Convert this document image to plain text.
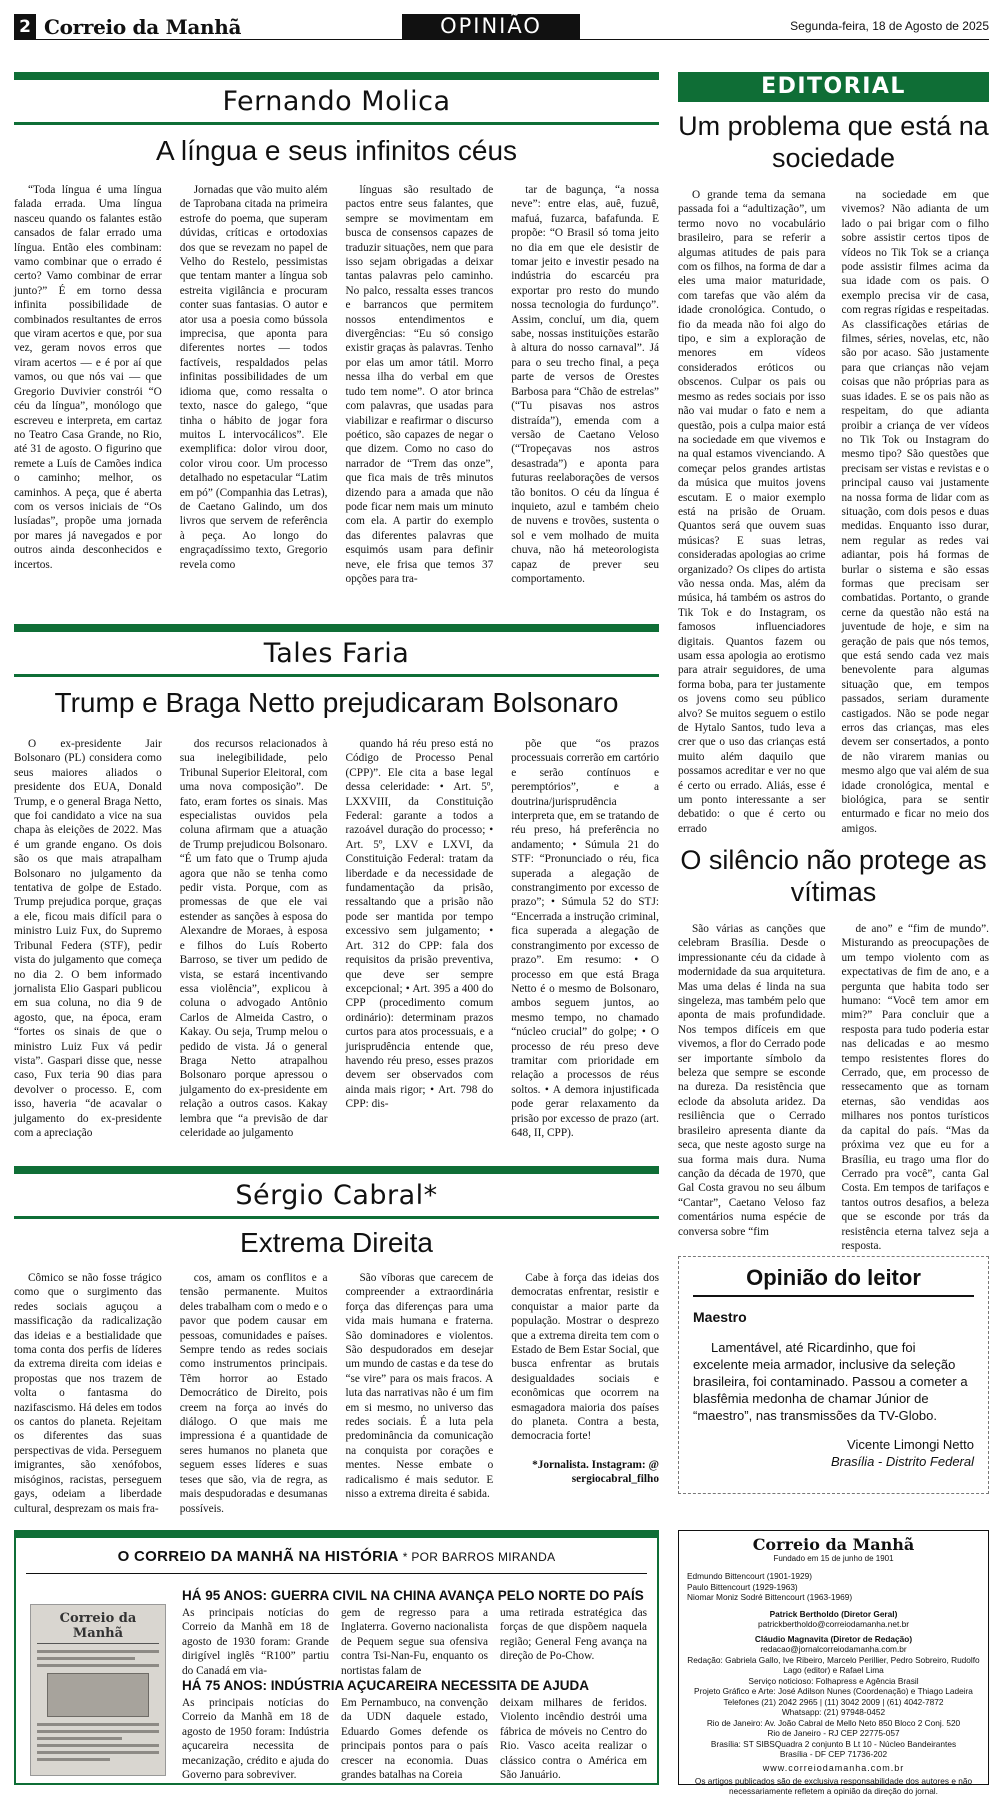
2 Correio da Manhã	OPINIÃO	Segunda-feira, 18 de Agosto de 2025
Fernando Molica
A língua e seus infinitos céus

“Toda língua é uma língua falada errada. Uma língua nasceu quando os falantes estão cansados de falar errado uma língua. Então eles combinam: vamo combinar que o errado é certo? Vamo combinar de errar junto?” É em torno dessa infinita possibilidade de combinados resultantes de erros que viram acertos e que, por sua vez, geram novos erros que viram acertos — e é por aí que vamos, ou que nós vai — que Gregorio Duvivier constrói “O céu da língua”, monólogo que escreveu e interpreta, em cartaz no Teatro Casa Grande, no Rio, até 31 de agosto. O figurino que remete a Luís de Camões indica o caminho; melhor, os caminhos. A peça, que é aberta com os versos iniciais de “Os lusíadas”, propõe uma jornada por mares já navegados e por outros ainda desconhecidos e incertos.

Jornadas que vão muito além de Taprobana citada na primeira estrofe do poema, que superam dúvidas, críticas e ortodoxias dos que se revezam no papel de Velho do Restelo, pessimistas que tentam manter a língua sob estreita vigilância e procuram conter suas fantasias. O autor e ator usa a poesia como bússola imprecisa, que aponta para diferentes nortes — todos factíveis, respaldados pelas infinitas possibilidades de um idioma que, como ressalta o texto, nasce do galego, “que tinha o hábito de jogar fora muitos L intervocálicos”. Ele exemplifica: dolor virou door, color virou coor. Um processo detalhado no espetacular “Latim em pó” (Companhia das Letras), de Caetano Galindo, um dos livros que servem de referência à peça. Ao longo do engraçadíssimo texto, Gregorio revela como

línguas são resultado de pactos entre seus falantes, que sempre se movimentam em busca de consensos capazes de traduzir situações, nem que para isso sejam obrigadas a deixar tantas palavras pelo caminho. No palco, ressalta esses trancos e barrancos que permitem nossos entendimentos e divergências: “Eu só consigo existir graças às palavras. Tenho por elas um amor tátil. Morro nessa ilha do verbal em que tudo tem nome”. O ator brinca com palavras, que usadas para viabilizar e reafirmar o discurso poético, são capazes de negar o que dizem. Como no caso do narrador de “Trem das onze”, que fica mais de três minutos dizendo para a amada que não pode ficar nem mais um minuto com ela. A partir do exemplo das diferentes palavras que esquimós usam para definir neve, ele frisa que temos 37 opções para tra-

tar de bagunça, “a nossa neve”: entre elas, auê, fuzuê, mafuá, fuzarca, bafafunda. E propõe: “O Brasil só toma jeito no dia em que ele desistir de tomar jeito e investir pesado na indústria do escarcéu pra exportar pro resto do mundo nossa tecnologia do furdunço”. Assim, concluí, um dia, quem sabe, nossas instituições estarão à altura do nosso carnaval”. Já para o seu trecho final, a peça parte de versos de Orestes Barbosa para “Chão de estrelas” (“Tu pisavas nos astros distraída”), emenda com a versão de Caetano Veloso (“Tropeçavas nos astros desastrada”) e aponta para futuras reelaborações de versos tão bonitos. O céu da língua é inquieto, azul e também cheio de nuvens e trovões, sustenta o sol e vem molhado de muita chuva, não há meteorologista capaz de prever seu comportamento.

Tales Faria
Trump e Braga Netto prejudicaram Bolsonaro

O ex-presidente Jair Bolsonaro (PL) considera como seus maiores aliados o presidente dos EUA, Donald Trump, e o general Braga Netto, que foi candidato a vice na sua chapa às eleições de 2022. Mas é um grande engano. Os dois são os que mais atrapalham Bolsonaro no julgamento da tentativa de golpe de Estado. Trump prejudica porque, graças a ele, ficou mais difícil para o ministro Luiz Fux, do Supremo Tribunal Federa (STF), pedir vista do julgamento que começa no dia 2. O bem informado jornalista Elio Gaspari publicou em sua coluna, no dia 9 de agosto, que, na época, eram “fortes os sinais de que o ministro Luiz Fux vá pedir vista”. Gaspari disse que, nesse caso, Fux teria 90 dias para devolver o processo. E, com isso, haveria “de acavalar o julgamento do ex-presidente com a apreciação

dos recursos relacionados à sua inelegibilidade, pelo Tribunal Superior Eleitoral, com uma nova composição”. De fato, eram fortes os sinais. Mas especialistas ouvidos pela coluna afirmam que a atuação de Trump prejudicou Bolsonaro. “É um fato que o Trump ajuda agora que não se tenha como pedir vista. Porque, com as promessas de que ele vai estender as sanções à esposa do Alexandre de Moraes, à esposa e filhos do Luís Roberto Barroso, se tiver um pedido de vista, se estará incentivando essa violência”, explicou à coluna o advogado Antônio Carlos de Almeida Castro, o Kakay. Ou seja, Trump melou o pedido de vista. Já o general Braga Netto atrapalhou Bolsonaro porque apressou o julgamento do ex-presidente em relação a outros casos. Kakay lembra que “a previsão de dar celeridade ao julgamento

quando há réu preso está no Código de Processo Penal (CPP)”. Ele cita a base legal dessa celeridade: • Art. 5º, LXXVIII, da Constituição Federal: garante a todos a razoável duração do processo; • Art. 5º, LXV e LXVI, da Constituição Federal: tratam da liberdade e da necessidade de fundamentação da prisão, ressaltando que a prisão não pode ser mantida por tempo excessivo sem julgamento; • Art. 312 do CPP: fala dos requisitos da prisão preventiva, que deve ser sempre excepcional; • Art. 395 a 400 do CPP (procedimento comum ordinário): determinam prazos curtos para atos processuais, e a jurisprudência entende que, havendo réu preso, esses prazos devem ser observados com ainda mais rigor; • Art. 798 do CPP: dis-

põe que “os prazos processuais correrão em cartório e serão contínuos e peremptórios”, e a doutrina/jurisprudência interpreta que, em se tratando de réu preso, há preferência no andamento; • Súmula 21 do STF: “Pronunciado o réu, fica superada a alegação de constrangimento por excesso de prazo”; • Súmula 52 do STJ: “Encerrada a instrução criminal, fica superada a alegação de constrangimento por excesso de prazo”. Em resumo: • O processo em que está Braga Netto é o mesmo de Bolsonaro, ambos seguem juntos, ao mesmo tempo, no chamado “núcleo crucial” do golpe; • O processo de réu preso deve tramitar com prioridade em relação a processos de réus soltos. • A demora injustificada pode gerar relaxamento da prisão por excesso de prazo (art. 648, II, CPP).

Sérgio Cabral*
Extrema Direita

Cômico se não fosse trágico como que o surgimento das redes sociais aguçou a massificação da radicalização das ideias e a bestialidade que toma conta dos perfis de líderes da extrema direita com ideias e propostas que nos trazem de volta o fantasma do nazifascismo. Há deles em todos os cantos do planeta. Rejeitam os diferentes das suas perspectivas de vida. Perseguem imigrantes, são xenófobos, misóginos, racistas, perseguem gays, odeiam a liberdade cultural, desprezam os mais fra-

cos, amam os conflitos e a tensão permanente. Muitos deles trabalham com o medo e o pavor que podem causar em pessoas, comunidades e países. Sempre tendo as redes sociais como instrumentos principais. Têm horror ao Estado Democrático de Direito, pois creem na força ao invés do diálogo. O que mais me impressiona é a quantidade de seres humanos no planeta que seguem esses líderes e suas teses que são, via de regra, as mais despudoradas e desumanas possíveis.

São víboras que carecem de compreender a extraordinária força das diferenças para uma vida mais humana e fraterna. São dominadores e violentos. São despudorados em desejar um mundo de castas e da tese do “se vire” para os mais fracos. A luta das narrativas não é um fim em si mesmo, no universo das redes sociais. É a luta pela predominância da comunicação na conquista por corações e mentes. Nesse embate o radicalismo é mais sedutor. E nisso a extrema direita é sabida.

Cabe à força das ideias dos democratas enfrentar, resistir e conquistar a maior parte da população. Mostrar o desprezo que a extrema direita tem com o Estado de Bem Estar Social, que busca enfrentar as brutais desigualdades sociais e econômicas que ocorrem na esmagadora maioria dos países do planeta. Contra a besta, democracia forte!

*Jornalista. Instagram: @ sergiocabral_filho

EDITORIAL
Um problema que está na sociedade

O grande tema da semana passada foi a “adultização”, um termo novo no vocabulário brasileiro, para se referir a algumas atitudes de pais para com os filhos, na forma de dar a eles uma maior maturidade, com tarefas que vão além da idade cronológica. Contudo, o fio da meada não foi algo do tipo, e sim a exploração de menores em vídeos considerados eróticos ou obscenos. Culpar os pais ou mesmo as redes sociais por isso não vai mudar o fato e nem a questão, pois a culpa maior está na sociedade em que vivemos e na qual estamos vivenciando. A começar pelos grandes artistas da música que muitos jovens escutam. E o maior exemplo está na prisão de Oruam. Quantos será que ouvem suas músicas? E suas letras, consideradas apologias ao crime organizado? Os clipes do artista vão nessa onda. Mas, além da música, há também os astros do Tik Tok e do Instagram, os famosos influenciadores digitais. Quantos fazem ou usam essa apologia ao erotismo para atrair seguidores, de uma forma boba, para ter justamente os jovens como seu público alvo? Se muitos seguem o estilo de Hytalo Santos, tudo leva a crer que o uso das crianças está muito além daquilo que possamos acreditar e ver no que é certo ou errado. Aliás, esse é um ponto interessante a ser debatido: o que é certo ou errado

na sociedade em que vivemos? Não adianta de um lado o pai brigar com o filho sobre assistir certos tipos de vídeos no Tik Tok se a criança pode assistir filmes acima da sua idade com os pais. O exemplo precisa vir de casa, com regras rígidas e respeitadas. As classificações etárias de filmes, séries, novelas, etc, não são por acaso. São justamente para que crianças não vejam coisas que não próprias para as suas idades. E se os pais não as respeitam, do que adianta proibir a criança de ver vídeos no Tik Tok ou Instagram do mesmo tipo? São questões que precisam ser vistas e revistas e o principal causo vai justamente na nossa forma de lidar com as situação, com dois pesos e duas medidas. Enquanto isso durar, nem regular as redes vai adiantar, pois há formas de burlar o sistema e são essas formas que precisam ser combatidas. Portanto, o grande cerne da questão não está na juventude de hoje, e sim na geração de pais que nós temos, que está sendo cada vez mais benevolente para algumas situação que, em tempos passados, seriam duramente castigados. Não se pode negar erros das crianças, mas eles devem ser consertados, a ponto de não virarem manias ou mesmo algo que vai além de sua idade cronológica, mental e biológica, para se sentir enturmado e ficar no meio dos amigos.

O silêncio não protege as vítimas

São várias as canções que celebram Brasília. Desde o impressionante céu da cidade à modernidade da sua arquitetura. Mas uma delas é linda na sua singeleza, mas também pelo que aponta de mais profundidade. Nos tempos difíceis em que vivemos, a flor do Cerrado pode ser importante símbolo da beleza que sempre se esconde na dureza. Da resistência que eclode da absoluta aridez. Da resiliência que o Cerrado brasileiro apresenta diante da seca, que neste agosto surge na sua forma mais dura. Numa canção da década de 1970, que Gal Costa gravou no seu álbum “Cantar”, Caetano Veloso faz comentários numa espécie de conversa sobre “fim

de ano” e “fim de mundo”. Misturando as preocupações de um tempo violento com as expectativas de fim de ano, e a pergunta que habita todo ser humano: “Você tem amor em mim?” Para concluir que a resposta para tudo poderia estar nas delicadas e ao mesmo tempo resistentes flores do Cerrado, que, em processo de ressecamento que as tornam eternas, são vendidas aos milhares nos pontos turísticos da capital do país. “Mas da próxima vez que eu for a Brasília, eu trago uma flor do Cerrado pra você”, canta Gal Costa. Em tempos de tarifaços e tantos outros desafios, a beleza que se esconde por trás da resistência eterna talvez seja a resposta.

Opinião do leitor
Maestro
Lamentável, até Ricardinho, que foi excelente meia armador, inclusive da seleção brasileira, foi contaminado. Passou a cometer a blasfêmia medonha de chamar Júnior de “maestro”, nas transmissões da TV-Globo.
Vicente Limongi Netto
Brasília - Distrito Federal
O CORREIO DA MANHÃ NA HISTÓRIA * POR BARROS MIRANDA
Correio da Manhã
HÁ 95 ANOS: GUERRA CIVIL NA CHINA AVANÇA PELO NORTE DO PAÍS
As principais notícias do Correio da Manhã em 18 de agosto de 1930 foram: Grande dirigível inglês “R100” partiu do Canadá em via-
gem de regresso para a Inglaterra. Governo nacionalista de Pequem segue sua ofensiva contra Tsi-Nan-Fu, enquanto os nortistas falam de
uma retirada estratégica das forças de que dispõem naquela região; General Feng avança na direção de Po-Chow.
HÁ 75 ANOS: INDÚSTRIA AÇUCAREIRA NECESSITA DE AJUDA
As principais notícias do Correio da Manhã em 18 de agosto de 1950 foram: Indústria açucareira necessita de mecanização, crédito e ajuda do Governo para sobreviver.
Em Pernambuco, na convenção da UDN daquele estado, Eduardo Gomes defende os principais pontos para o país crescer na economia. Duas grandes batalhas na Coreia
deixam milhares de feridos. Violento incêndio destrói uma fábrica de móveis no Centro do Rio. Vasco aceita realizar o clássico contra o América em São Januário.
Correio da Manhã
Fundado em 15 de junho de 1901
Edmundo Bittencourt (1901-1929)
Paulo Bittencourt (1929-1963)
Niomar Moniz Sodré Bittencourt (1963-1969)
Patrick Bertholdo (Diretor Geral)
patrickbertholdo@correiodamanha.net.br
Cláudio Magnavita (Diretor de Redação)
redacao@jornalcorreiodamanha.com.br
Redação: Gabriela Gallo, Ive Ribeiro, Marcelo Perillier, Pedro Sobreiro, Rudolfo Lago (editor) e Rafael Lima
Serviço noticioso: Folhapress e Agência Brasil
Projeto Gráfico e Arte: José Adilson Nunes (Coordenação) e Thiago Ladeira
Telefones (21) 2042 2965 | (11) 3042 2009 | (61) 4042-7872
Whatsapp: (21) 97948-0452
Rio de Janeiro: Av. João Cabral de Mello Neto 850 Bloco 2 Conj. 520
Rio de Janeiro - RJ CEP 22775-057
Brasília: ST SIBSQuadra 2 conjunto B Lt 10 - Núcleo Bandeirantes
Brasília - DF CEP 71736-202
www.correiodamanha.com.br
Os artigos publicados são de exclusiva responsabilidade dos autores e não necessariamente refletem a opinião da direção do jornal.
